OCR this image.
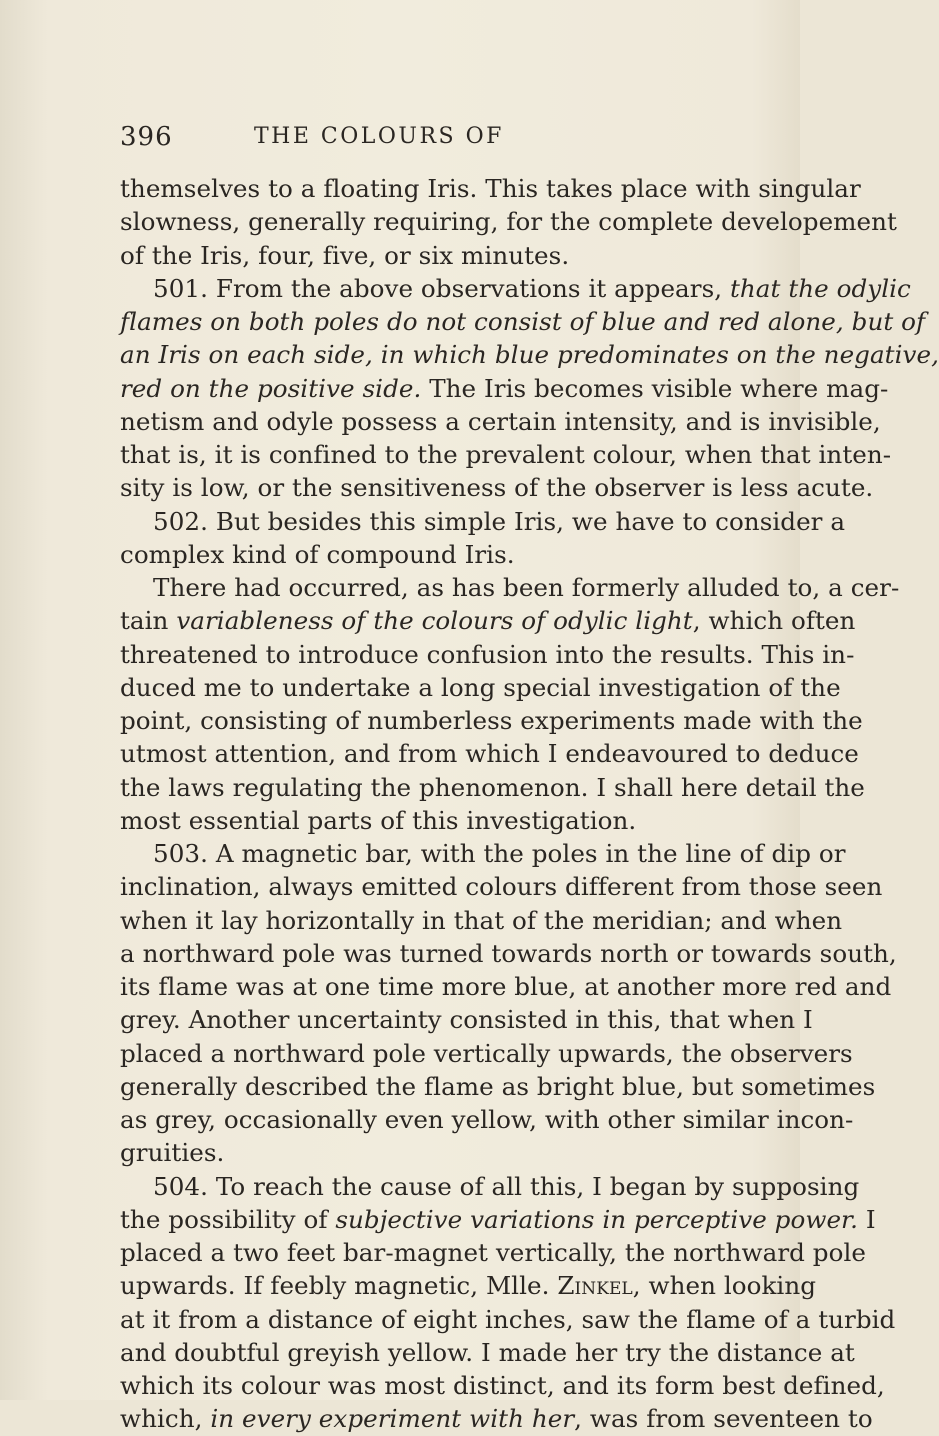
396	THE COLOURS OF
themselves to a floating Iris. This takes place with singular
slowness, generally requiring, for the complete developement
of the Iris, four, five, or six minutes.
501. From the above observations it appears, that the odylic
flames on both poles do not consist of blue and red alone, but of
an Iris on each side, in which blue predominates on the negative,
red on the positive side. The Iris becomes visible where mag-
netism and odyle possess a certain intensity, and is invisible,
that is, it is confined to the prevalent colour, when that inten-
sity is low, or the sensitiveness of the observer is less acute.
502. But besides this simple Iris, we have to consider a
complex kind of compound Iris.
There had occurred, as has been formerly alluded to, a cer-
tain variableness of the colours of odylic light, which often
threatened to introduce confusion into the results. This in-
duced me to undertake a long special investigation of the
point, consisting of numberless experiments made with the
utmost attention, and from which I endeavoured to deduce
the laws regulating the phenomenon. I shall here detail the
most essential parts of this investigation.
503. A magnetic bar, with the poles in the line of dip or
inclination, always emitted colours different from those seen
when it lay horizontally in that of the meridian; and when
a northward pole was turned towards north or towards south,
its flame was at one time more blue, at another more red and
grey. Another uncertainty consisted in this, that when I
placed a northward pole vertically upwards, the observers
generally described the flame as bright blue, but sometimes
as grey, occasionally even yellow, with other similar incon-
gruities.
504. To reach the cause of all this, I began by supposing
the possibility of subjective variations in perceptive power. I
placed a two feet bar-magnet vertically, the northward pole
upwards. If feebly magnetic, Mlle. Zinkel, when looking
at it from a distance of eight inches, saw the flame of a turbid
and doubtful greyish yellow. I made her try the distance at
which its colour was most distinct, and its form best defined,
which, in every experiment with her, was from seventeen to
